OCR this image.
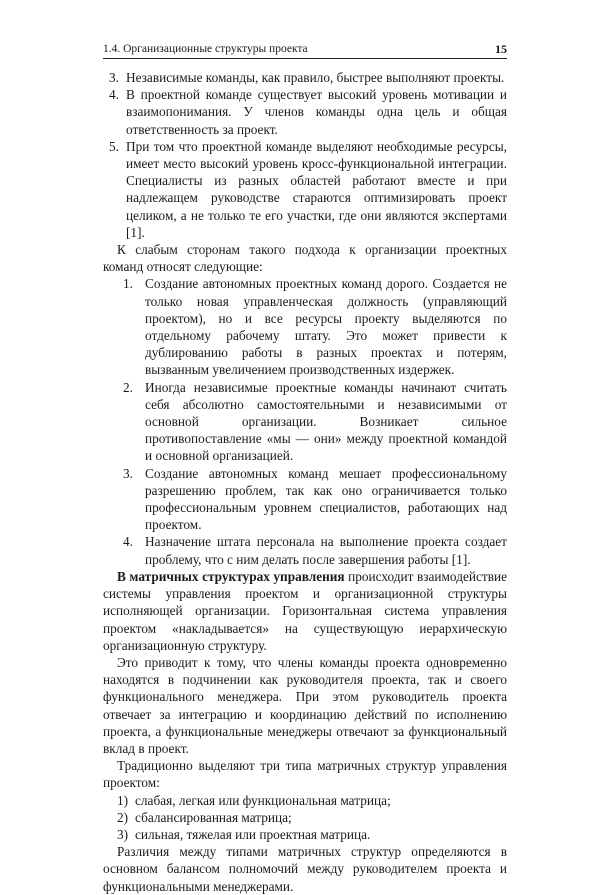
1.4. Организационные структуры проекта	15
3. Независимые команды, как правило, быстрее выполняют проекты.
4. В проектной команде существует высокий уровень мотивации и взаимопонимания. У членов команды одна цель и общая ответственность за проект.
5. При том что проектной команде выделяют необходимые ресурсы, имеет место высокий уровень кросс-функциональной интеграции. Специалисты из разных областей работают вместе и при надлежащем руководстве стараются оптимизировать проект целиком, а не только те его участки, где они являются экспертами [1].
К слабым сторонам такого подхода к организации проектных команд относят следующие:
1. Создание автономных проектных команд дорого. Создается не только новая управленческая должность (управляющий проектом), но и все ресурсы проекту выделяются по отдельному рабочему штату. Это может привести к дублированию работы в разных проектах и потерям, вызванным увеличением производственных издержек.
2. Иногда независимые проектные команды начинают считать себя абсолютно самостоятельными и независимыми от основной организации. Возникает сильное противопоставление «мы — они» между проектной командой и основной организацией.
3. Создание автономных команд мешает профессиональному разрешению проблем, так как оно ограничивается только профессиональным уровнем специалистов, работающих над проектом.
4. Назначение штата персонала на выполнение проекта создает проблему, что с ним делать после завершения работы [1].
В матричных структурах управления происходит взаимодействие системы управления проектом и организационной структуры исполняющей организации. Горизонтальная система управления проектом «накладывается» на существующую иерархическую организационную структуру.
Это приводит к тому, что члены команды проекта одновременно находятся в подчинении как руководителя проекта, так и своего функционального менеджера. При этом руководитель проекта отвечает за интеграцию и координацию действий по исполнению проекта, а функциональные менеджеры отвечают за функциональный вклад в проект.
Традиционно выделяют три типа матричных структур управления проектом:
1) слабая, легкая или функциональная матрица;
2) сбалансированная матрица;
3) сильная, тяжелая или проектная матрица.
Различия между типами матричных структур определяются в основном балансом полномочий между руководителем проекта и функциональными менеджерами.
